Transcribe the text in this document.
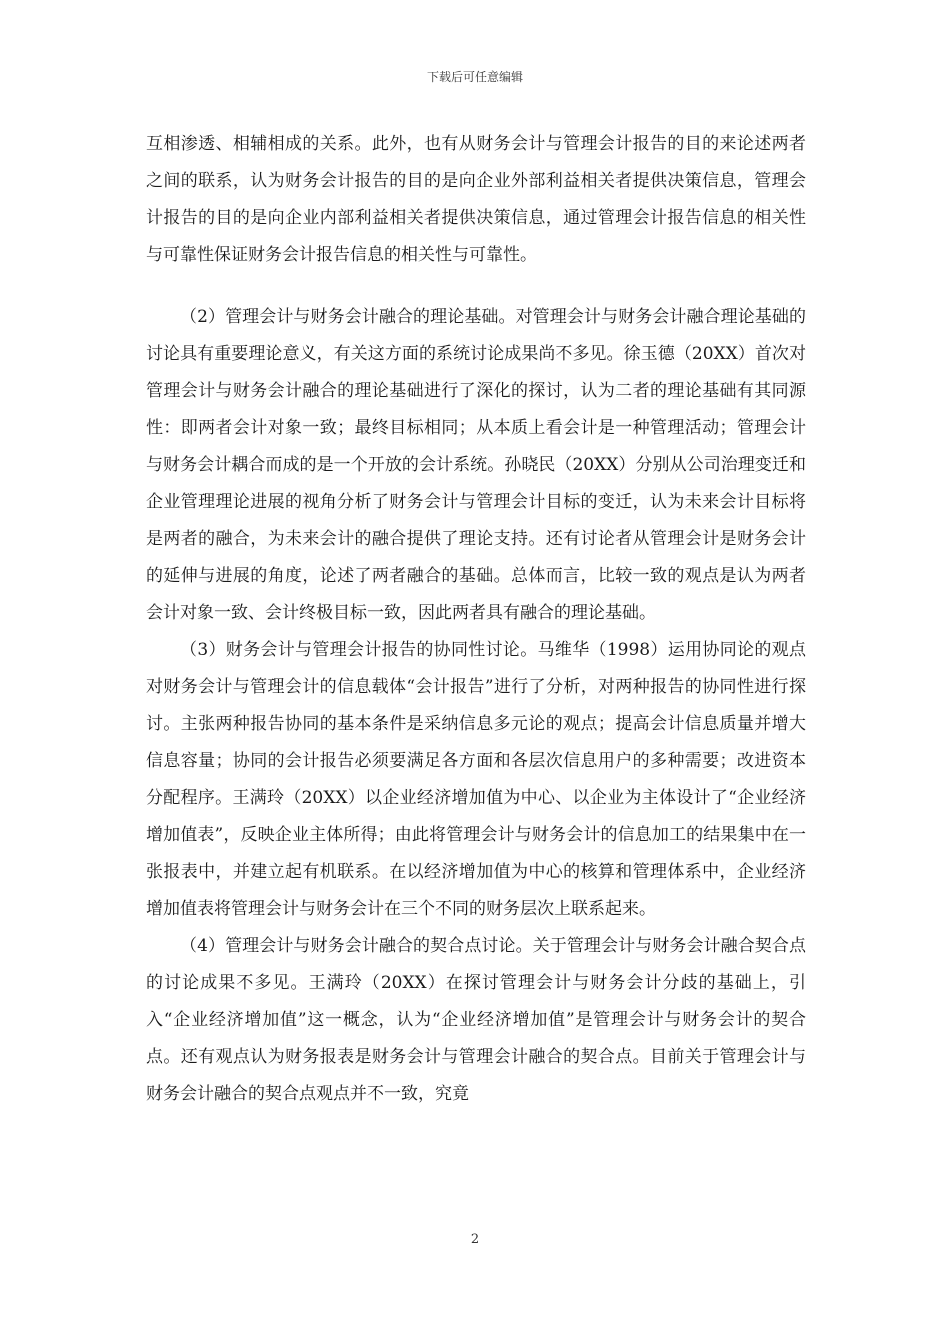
下载后可任意编辑

互相渗透、相辅相成的关系。此外，也有从财务会计与管理会计报告的目的来论述两者之间的联系，认为财务会计报告的目的是向企业外部利益相关者提供决策信息，管理会计报告的目的是向企业内部利益相关者提供决策信息，通过管理会计报告信息的相关性与可靠性保证财务会计报告信息的相关性与可靠性。

（2）管理会计与财务会计融合的理论基础。对管理会计与财务会计融合理论基础的讨论具有重要理论意义，有关这方面的系统讨论成果尚不多见。徐玉德（20XX）首次对管理会计与财务会计融合的理论基础进行了深化的探讨，认为二者的理论基础有其同源性：即两者会计对象一致；最终目标相同；从本质上看会计是一种管理活动；管理会计与财务会计耦合而成的是一个开放的会计系统。孙晓民（20XX）分别从公司治理变迁和企业管理理论进展的视角分析了财务会计与管理会计目标的变迁，认为未来会计目标将是两者的融合，为未来会计的融合提供了理论支持。还有讨论者从管理会计是财务会计的延伸与进展的角度，论述了两者融合的基础。总体而言，比较一致的观点是认为两者会计对象一致、会计终极目标一致，因此两者具有融合的理论基础。

（3）财务会计与管理会计报告的协同性讨论。马维华（1998）运用协同论的观点对财务会计与管理会计的信息载体“会计报告”进行了分析，对两种报告的协同性进行探讨。主张两种报告协同的基本条件是采纳信息多元论的观点；提高会计信息质量并增大信息容量；协同的会计报告必须要满足各方面和各层次信息用户的多种需要；改进资本分配程序。王满玲（20XX）以企业经济增加值为中心、以企业为主体设计了“企业经济增加值表”，反映企业主体所得；由此将管理会计与财务会计的信息加工的结果集中在一张报表中，并建立起有机联系。在以经济增加值为中心的核算和管理体系中，企业经济增加值表将管理会计与财务会计在三个不同的财务层次上联系起来。

（4）管理会计与财务会计融合的契合点讨论。关于管理会计与财务会计融合契合点的讨论成果不多见。王满玲（20XX）在探讨管理会计与财务会计分歧的基础上，引入“企业经济增加值”这一概念，认为“企业经济增加值”是管理会计与财务会计的契合点。还有观点认为财务报表是财务会计与管理会计融合的契合点。目前关于管理会计与财务会计融合的契合点观点并不一致，究竟

2
